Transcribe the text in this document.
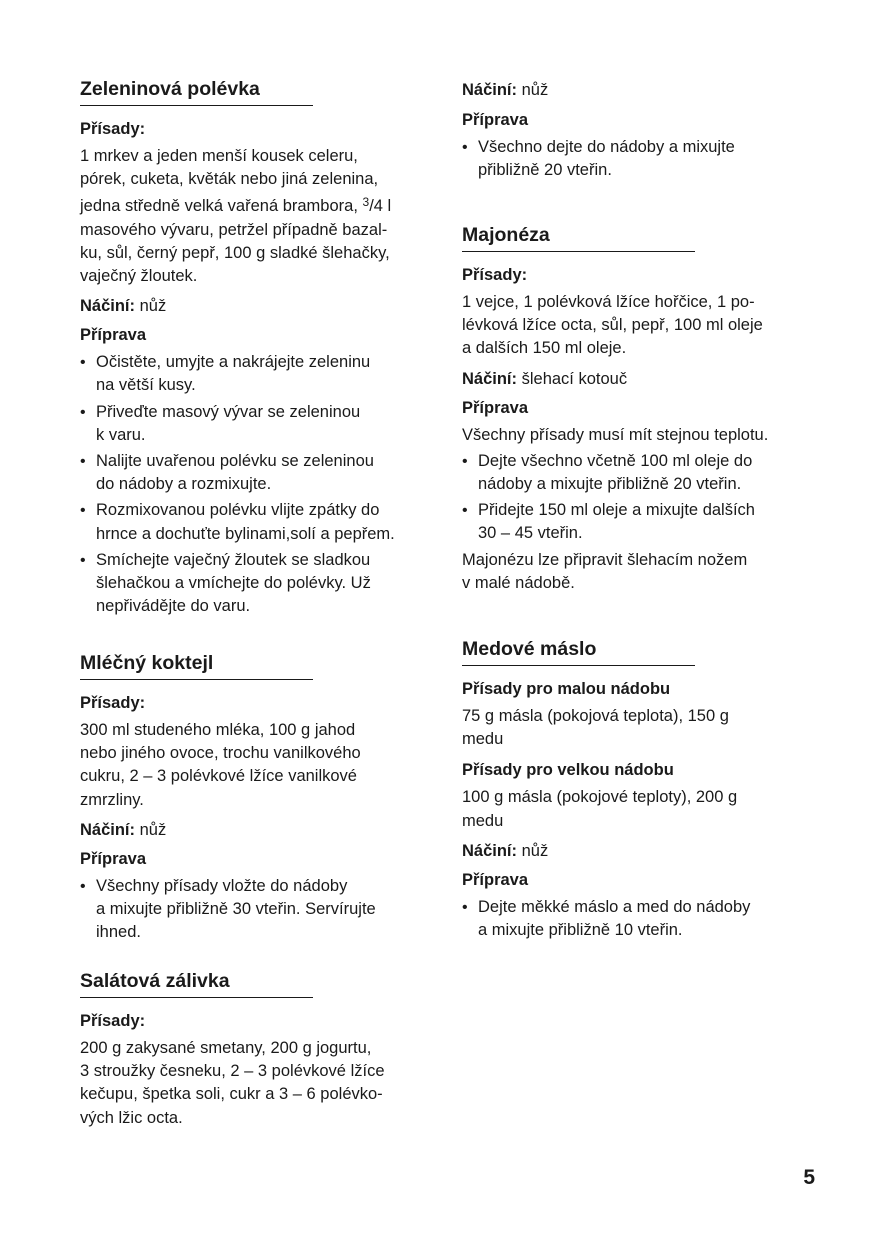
Zeleninová polévka
Přísady:
1 mrkev a jeden menší kousek celeru,
pórek, cuketa, květák nebo jiná zelenina,
jedna středně velká vařená brambora, $^3$/4 l
masového vývaru, petržel případně bazal-
ku, sůl, černý pepř, 100 g sladké šlehačky,
vaječný žloutek.
Náčiní: nůž
Příprava
• Očistěte, umyjte a nakrájejte zeleninu
na větší kusy.
• Přiveďte masový vývar se zeleninou
k varu.
• Nalijte uvařenou polévku se zeleninou
do nádoby a rozmixujte.
• Rozmixovanou polévku vlijte zpátky do
hrnce a dochuťte bylinami,solí a pepřem.
• Smíchejte vaječný žloutek se sladkou
šlehačkou a vmíchejte do polévky. Už
nepřivádějte do varu.
Mléčný koktejl
Přísady:
300 ml studeného mléka, 100 g jahod
nebo jiného ovoce, trochu vanilkového
cukru, 2 – 3 polévkové lžíce vanilkové
zmrzliny.
Náčiní: nůž
Příprava
• Všechny přísady vložte do nádoby
a mixujte přibližně 30 vteřin. Servírujte
ihned.
Salátová zálivka
Přísady:
200 g zakysané smetany, 200 g jogurtu,
3 stroužky česneku, 2 – 3 polévkové lžíce
kečupu, špetka soli, cukr a 3 – 6 polévko-
vých lžic octa.
Náčiní: nůž
Příprava
• Všechno dejte do nádoby a mixujte
přibližně 20 vteřin.
Majonéza
Přísady:
1 vejce, 1 polévková lžíce hořčice, 1 po-
lévková lžíce octa, sůl, pepř, 100 ml oleje
a dalších 150 ml oleje.
Náčiní: šlehací kotouč
Příprava
Všechny přísady musí mít stejnou teplotu.
• Dejte všechno včetně 100 ml oleje do
nádoby a mixujte přibližně 20 vteřin.
• Přidejte 150 ml oleje a mixujte dalších
30 – 45 vteřin.
Majonézu lze připravit šlehacím nožem
v malé nádobě.
Medové máslo
Přísady pro malou nádobu
75 g másla (pokojová teplota), 150 g
medu
Přísady pro velkou nádobu
100 g másla (pokojové teploty), 200 g
medu
Náčiní: nůž
Příprava
• Dejte měkké máslo a med do nádoby
a mixujte přibližně 10 vteřin.
5
